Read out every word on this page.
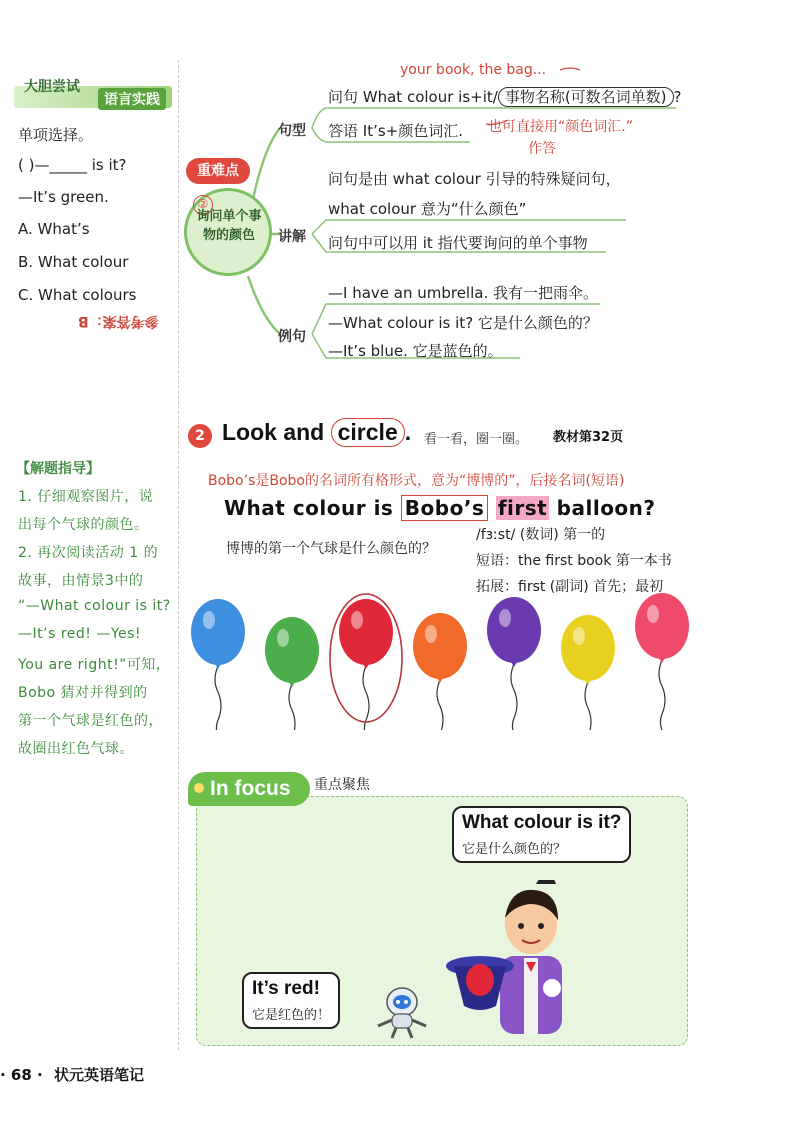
大胆尝试
语言实践
单项选择。
( )—_____ is it?
—It’s green.
A. What’s
B. What colour
C. What colours
参考答案：B
【解题指导】
1. 仔细观察图片，说
出每个气球的颜色。
2. 再次阅读活动 1 的
故事，由情景3中的
“—What colour is it?
—It’s red! —Yes!
You are right!”可知，
Bobo 猜对并得到的
第一个气球是红色的，
故圈出红色气球。
重难点
②
询问单个事物的颜色
句型
讲解
例句
your book, the bag...
问句 What colour is+it/ 事物名称(可数名词单数) ?
答语 It’s+颜色词汇. 也可直接用“颜色词汇.”
作答
问句是由 what colour 引导的特殊疑问句，
what colour 意为“什么颜色”
问句中可以用 it 指代要询问的单个事物
—I have an umbrella. 我有一把雨伞。
—What colour is it? 它是什么颜色的？
—It’s blue. 它是蓝色的。
2 Look and circle . 看一看，圈一圈。 教材第32页
Bobo’s是Bobo的名词所有格形式，意为“博博的”，后接名词(短语)
What colour is Bobo’s first balloon?
博博的第一个气球是什么颜色的？
/fɜːst/ (数词) 第一的
短语：the first book 第一本书
拓展：first (副词) 首先；最初
In focus	重点聚焦
What colour is it?
它是什么颜色的？
It’s red!
它是红色的！
· 68 · 状元英语笔记
